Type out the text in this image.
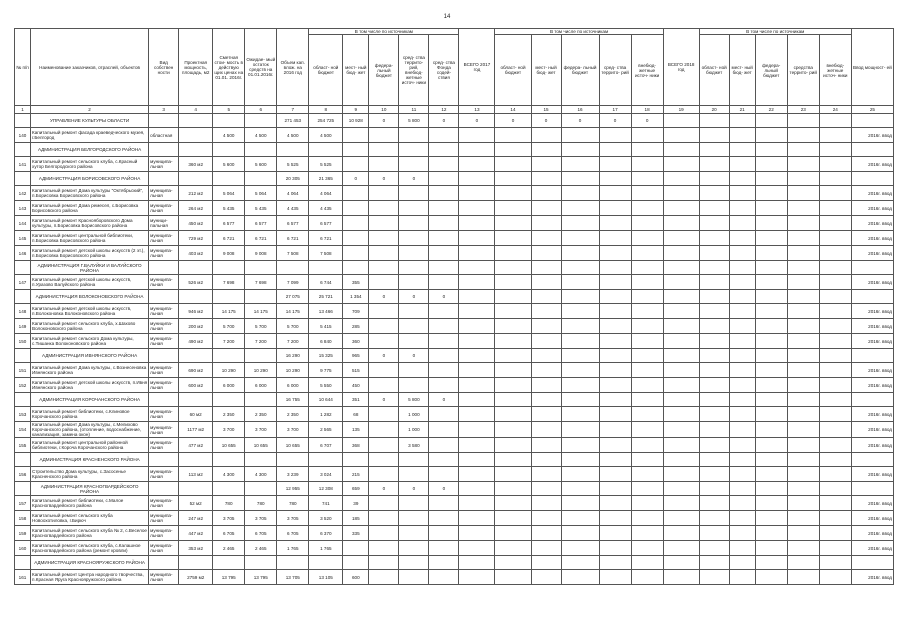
14
№ п/п	Наименование заказчиков, отраслей, объектов	Вид собствен ности	Проектная мощность, площадь, м2	Сметная стои- мость в действую щих ценах на 01.01. 2016г.	Ожидае- мый остаток средств на 01.01.2016г.	Объем кап. влож. на 2016 год	В том числе по источникам					ВСЕГО 2017 год	В том числе по источникам					ВСЕГО 2018 год	В том числе по источникам					Ввод мощност- ей
							област- ной бюджет	мест- ный бюд- жет	федера- льный бюджет	сред- ства террито- рий, внебюд- жетные источ- ники	сред- ства Фонда содей- ствия		област- ной бюджет	мест- ный бюд- жет	федера- льный бюджет	сред- ства террито- рий	внебюд- жетные источ- ники		област- ной бюджет	мест- ный бюд- жет	федера- льный бюджет	средства террито- рий	внебюд- жетные источ- ники	
1	2	3	4	5	6	7	8	9	10	11	12	13	14	15	16	17	18	19	20	21	22	23	24	25
	УПРАВЛЕНИЕ КУЛЬТУРЫ ОБЛАСТИ					271 453	254 725	10 928	0	5 800	0	0	0	0	0	0	0							
140	Капитальный ремонт фасада краеведческого музея, г.Белгород	областная		4 500	4 500	4 500	4 500																	2016г. ввод
	АДМИНИСТРАЦИЯ БЕЛГОРОДСКОГО РАЙОНА																							
141	Капитальный ремонт сельского клуба, с.Красный хутор Белгородского района	муниципа- льная	360 м2	5 600	5 600	5 525	5 525																	2016г. ввод
	АДМИНИСТРАЦИЯ БОРИСОВСКОГО РАЙОНА					20 305	21 365	0	0	0														
142	Капитальный ремонт Дома культуры "Октябрьский", п.Борисовка Борисовского района	муниципа- льная	212 м2	5 064	5 064	4 064	4 064																	2016г. ввод
143	Капитальный ремонт Дома ремесел, с.Борисовка Борисовского района	муниципа- льная	264 м2	5 435	5 435	4 435	4 435																	2016г. ввод
144	Капитальный ремонт Краснояборовского Дома культуры, п.Борисовка Борисовского района	муници- пальная	450 м2	6 577	6 577	6 577	6 577																	2016г. ввод
145	Капитальный ремонт центральной библиотеки, п.Борисовка Борисовского района	муниципа- льная	729 м2	6 721	6 721	6 721	6 721																	2016г. ввод
146	Капитальный ремонт детской школы искусств (2 эт.), п.Борисовка Борисовского района	муниципа- льная	403 м2	9 008	9 008	7 508	7 508																	2016г. ввод
	АДМИНИСТРАЦИЯ Г.ВАЛУЙКИ И ВАЛУЙСКОГО РАЙОНА																							
147	Капитальный ремонт детской школы искусств, п.Уразово Валуйского района	муниципа- льная	526 м2	7 698	7 698	7 099	6 744	355																2016г. ввод
	АДМИНИСТРАЦИЯ ВОЛОКОНОВСКОГО РАЙОНА					27 075	25 721	1 354	0	0	0													
148	Капитальный ремонт детской школы искусств, п.Волоконовка Волоконовского района	муниципа- льная	946 м2	14 175	14 175	14 175	13 466	709																2016г. ввод
149	Капитальный ремонт сельского клуба, х.Шахово Волоконовского района	муниципа- льная	200 м2	5 700	5 700	5 700	5 415	285																2016г. ввод
150	Капитальный ремонт сельского Дома культуры, с.Тишанка Волоконовского района	муниципа- льная	490 м2	7 200	7 200	7 200	6 840	360																2016г. ввод
	АДМИНИСТРАЦИЯ ИВНЯНСКОГО РАЙОНА					16 290	15 325	965	0	0														
151	Капитальный ремонт Дома культуры, с.Вознесеновка Ивнянского района	муниципа- льная	690 м2	10 290	10 290	10 290	9 775	515																2016г. ввод
152	Капитальный ремонт детской школы искусств, п.Ивня Ивнянского района	муниципа- льная	600 м2	6 000	6 000	6 000	5 550	450																2016г. ввод
	АДМИНИСТРАЦИЯ КОРОЧАНСКОГО РАЙОНА					16 755	10 644	351	0	5 800	0													
153	Капитальный ремонт библиотеки, с.Клиновое Корочанского района	муниципа- льная	60 м2	2 350	2 350	2 350	1 282	68		1 000														2016г. ввод
154	Капитальный ремонт Дома культуры, с.Мелихово Корочанского района, (отопление, водоснабжение, канализация, замена окон)	муниципа- льная	1177 м2	3 700	3 700	3 700	2 565	135		1 000														2016г. ввод
155	Капитальный ремонт центральной районной библиотеки, г.Короча Корочанского района	муниципа- льная	477 м2	10 655	10 655	10 655	6 707	368		3 580														2016г. ввод
	АДМИНИСТРАЦИЯ КРАСНЕНСКОГО РАЙОНА																							
156	Строительство Дома культуры, с.Засосенье Красненского района	муниципа- льная	113 м2	4 300	4 300	3 239	3 024	215																2016г. ввод
	АДМИНИСТРАЦИЯ КРАСНОГВАРДЕЙСКОГО РАЙОНА					12 955	12 308	659	0	0	0													
157	Капитальный ремонт библиотеки, с.Малое Красногвардейского района	муниципа- льная	52 м2	780	780	780	741	39																2016г. ввод
158	Капитальный ремонт сельского клуба Новоохотиловка, г.Бирюч	муниципа- льная	247 м2	3 705	3 705	3 705	3 520	185																2016г. ввод
159	Капитальный ремонт сельского клуба № 2, с.Веселое Красногвардейского района	муниципа- льная	447 м2	6 705	6 705	6 705	6 370	335																2016г. ввод
160	Капитальный ремонт сельского клуба, с.Калашное Красногвардейского района (ремонт кровли)	муниципа- льная	353 м2	2 465	2 465	1 765	1 765																	2016г. ввод
	АДМИНИСТРАЦИЯ КРАСНОЯРУЖСКОГО РАЙОНА																							
161	Капитальный ремонт Центра народного творчества, п.Красная Яруга Краснояружского района	муниципа- льная	2759 м2	13 795	13 795	13 705	13 105	600																2016г. ввод
